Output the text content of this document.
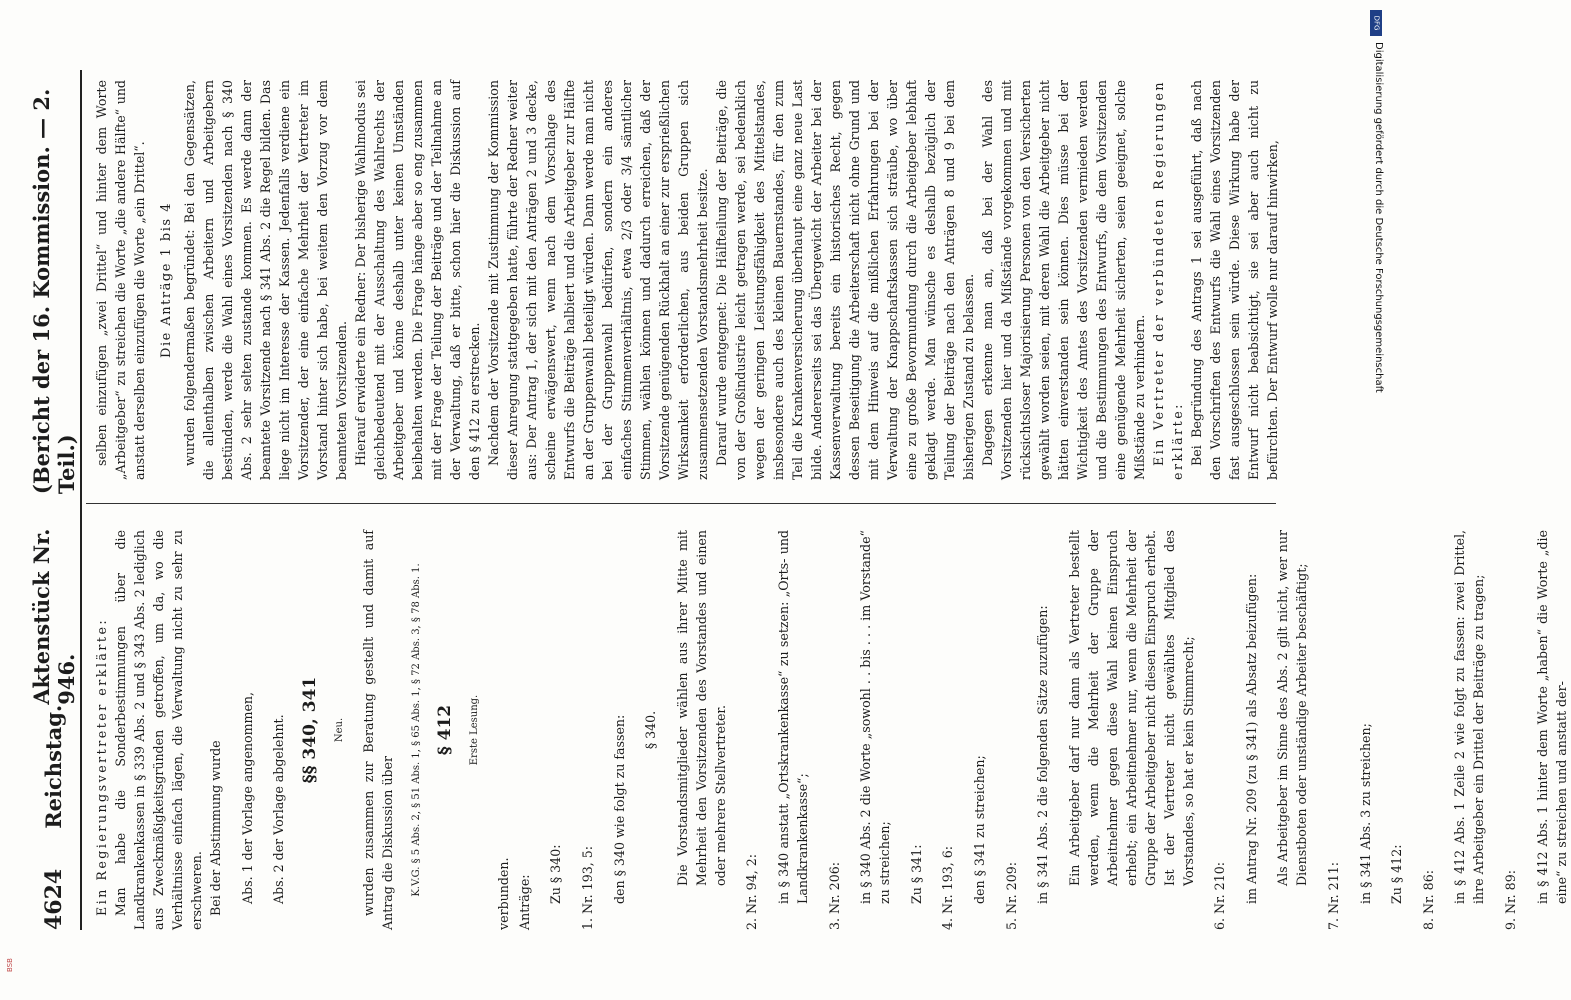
4624
Reichstag.
Aktenstück Nr. 946.
(Bericht der 16. Kommission. — 2. Teil.)

Ein Regierungsvertreter erklärte: Man habe die Sonderbestimmungen über die Landkrankenkassen in § 339 Abs. 2 und § 343 Abs. 2 lediglich aus Zweckmäßigkeitsgründen getroffen, um da, wo die Verhältnisse einfach lägen, die Verwaltung nicht zu sehr zu erschweren. Bei der Abstimmung wurde Abs. 1 der Vorlage angenommen, Abs. 2 der Vorlage abgelehnt. §§ 340, 341	Neu.	wurden zusammen zur Beratung gestellt und damit auf Antrag die Diskussion über	K.V.G. § 5 Abs. 2, § 51 Abs. 1, § 65 Abs. 1, § 72 Abs. 3, § 78 Abs. 1. § 412	Erste Lesung.

verbunden. Anträge: Zu § 340: 1. Nr. 193, 5: den § 340 wie folgt zu fassen: § 340. Die Vorstandsmitglieder wählen aus ihrer Mitte mit Mehrheit den Vorsitzenden des Vorstandes und einen oder mehrere Stellvertreter.

2. Nr. 94, 2: in § 340 anstatt „Ortskrankenkasse“ zu setzen: „Orts- und Landkrankenkasse“; 3. Nr. 206: in § 340 Abs. 2 die Worte „sowohl . . bis . . . im Vorstande“ zu streichen; Zu § 341: 4. Nr. 193, 6: den § 341 zu streichen; 5. Nr. 209: in § 341 Abs. 2 die folgenden Sätze zuzufügen: Ein Arbeitgeber darf nur dann als Vertreter bestellt werden, wenn die Mehrheit der Gruppe der Arbeitnehmer gegen diese Wahl keinen Einspruch erhebt; ein Arbeitnehmer nur, wenn die Mehrheit der Gruppe der Arbeitgeber nicht diesen Einspruch erhebt. Ist der Vertreter nicht gewähltes Mitglied des Vorstandes, so hat er kein Stimmrecht;

6. Nr. 210: im Antrag Nr. 209 (zu § 341) als Absatz beizufügen: Als Arbeitgeber im Sinne des Abs. 2 gilt nicht, wer nur Dienstboten oder unständige Arbeiter beschäftigt;

7. Nr. 211: in § 341 Abs. 3 zu streichen; Zu § 412: 8. Nr. 86: in § 412 Abs. 1 Zeile 2 wie folgt zu fassen: zwei Drittel, ihre Arbeitgeber ein Drittel der Beiträge zu tragen; 9. Nr. 89: in § 412 Abs. 1 hinter dem Worte „haben“ die Worte „die eine“ zu streichen und anstatt der-

selben einzufügen „zwei Drittel“ und hinter dem Worte „Arbeitgeber“ zu streichen die Worte „die andere Hälfte“ und anstatt derselben einzufügen die Worte „ein Drittel“. Die Anträge 1 bis 4 wurden folgendermaßen begründet: Bei den Gegensätzen, die allenthalben zwischen Arbeitern und Arbeitgebern bestünden, werde die Wahl eines Vorsitzenden nach § 340 Abs. 2 sehr selten zustande kommen. Es werde dann der beamtete Vorsitzende nach § 341 Abs. 2 die Regel bilden. Das liege nicht im Interesse der Kassen. Jedenfalls verdiene ein Vorsitzender, der eine einfache Mehrheit der Vertreter im Vorstand hinter sich habe, bei weitem den Vorzug vor dem beamteten Vorsitzenden. Hierauf erwiderte ein Redner: Der bisherige Wahlmodus sei gleichbedeutend mit der Ausschaltung des Wahlrechts der Arbeitgeber und könne deshalb unter keinen Umständen beibehalten werden. Die Frage hänge aber so eng zusammen mit der Frage der Teilung der Beiträge und der Teilnahme an der Verwaltung, daß er bitte, schon hier die Diskussion auf den § 412 zu erstrecken. Nachdem der Vorsitzende mit Zustimmung der Kommission dieser Anregung stattgegeben hatte, führte der Redner weiter aus: Der Antrag 1, der sich mit den Anträgen 2 und 3 decke, scheine erwägenswert, wenn nach dem Vorschlage des Entwurfs die Beiträge halbiert und die Arbeitgeber zur Hälfte an der Gruppenwahl beteiligt würden. Dann werde man nicht bei der Gruppenwahl bedürfen, sondern ein anderes einfaches Stimmenverhältnis, etwa 2/3 oder 3/4 sämtlicher Stimmen, wählen können und dadurch erreichen, daß der Vorsitzende genügenden Rückhalt an einer zur ersprießlichen Wirksamkeit erforderlichen, aus beiden Gruppen sich zusammensetzenden Vorstandsmehrheit besitze. Darauf wurde entgegnet: Die Hälfteilung der Beiträge, die von der Großindustrie leicht getragen werde, sei bedenklich wegen der geringen Leistungsfähigkeit des Mittelstandes, insbesondere auch des kleinen Bauernstandes, für den zum Teil die Krankenversicherung überhaupt eine ganz neue Last bilde. Andererseits sei das Übergewicht der Arbeiter bei der Kassenverwaltung bereits ein historisches Recht, gegen dessen Beseitigung die Arbeiterschaft nicht ohne Grund und mit dem Hinweis auf die mißlichen Erfahrungen bei der Verwaltung der Knappschaftskassen sich sträube, wo über eine zu große Bevormundung durch die Arbeitgeber lebhaft geklagt werde. Man wünsche es deshalb bezüglich der Teilung der Beiträge nach den Anträgen 8 und 9 bei dem bisherigen Zustand zu belassen. Dagegen erkenne man an, daß bei der Wahl des Vorsitzenden hier und da Mißstände vorgekommen und mit rücksichtsloser Majorisierung Personen von den Versicherten gewählt worden seien, mit deren Wahl die Arbeitgeber nicht hätten einverstanden sein können. Dies müsse bei der Wichtigkeit des Amtes des Vorsitzenden vermieden werden und die Bestimmungen des Entwurfs, die dem Vorsitzenden eine genügende Mehrheit sicherten, seien geeignet, solche Mißstände zu verhindern. Ein Vertreter der verbündeten Regierungen erklärte: Bei Begründung des Antrags 1 sei ausgeführt, daß nach den Vorschriften des Entwurfs die Wahl eines Vorsitzenden fast ausgeschlossen sein würde. Diese Wirkung habe der Entwurf nicht beabsichtigt, sie sei aber auch nicht zu befürchten. Der Entwurf wolle nur darauf hinwirken,

DFG
Digitalisierung gefördert durch die Deutsche Forschungsgemeinschaft
BSB
